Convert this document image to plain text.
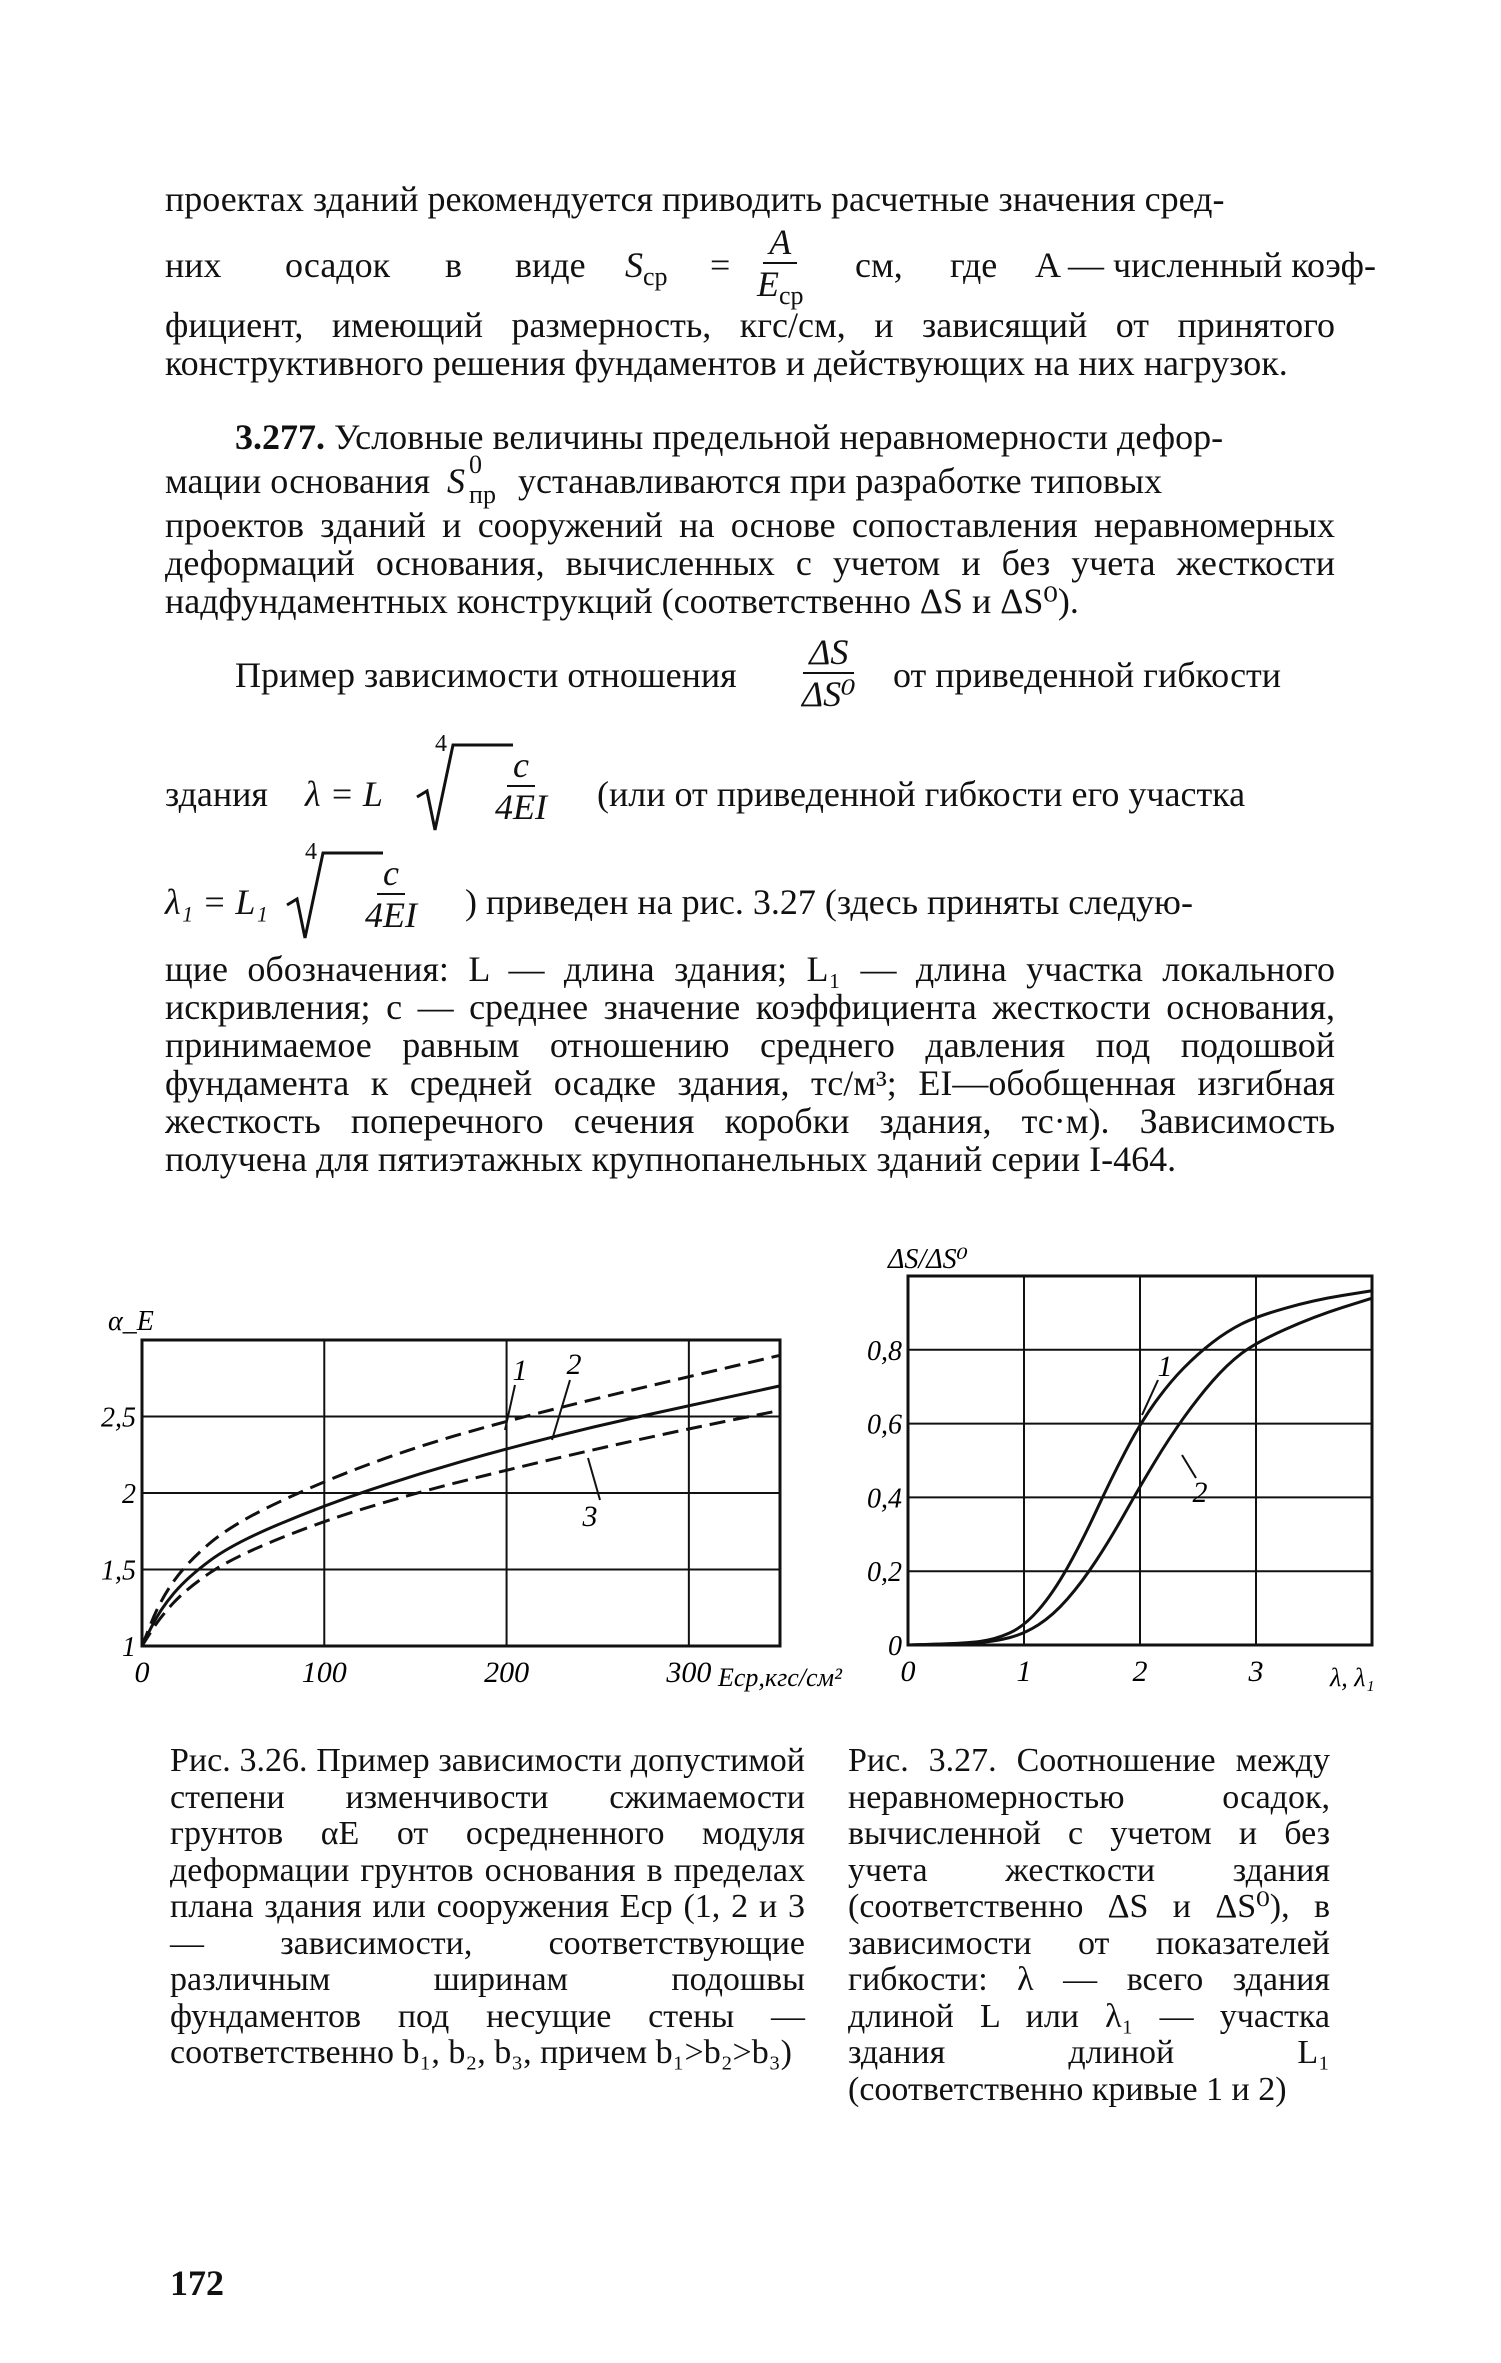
проектах зданий рекомендуется приводить расчетные значения сред-
них осадок в виде $S_{ср}$ =
A
$E_{ср}$
см, где A — численный коэф-
фициент, имеющий размерность, кгс/см, и зависящий от принятого конструктивного решения фундаментов и действующих на них нагрузок.
3.277. Условные величины предельной неравномерности дефор-
мации основания S 0
пр устанавливаются при разработке типовых
проектов зданий и сооружений на основе сопоставления неравномерных деформаций основания, вычисленных с учетом и без учета жесткости надфундаментных конструкций (соответственно ΔS и ΔS⁰).
Пример зависимости отношения $\frac{\Delta S}{\text{ΔS⁰}}$ от приведенной гибкости
здания λ = L
4
$\frac{c}{4EI} (или$ от приведенной гибкости его участка
λ₁ = L₁
4
$\frac{c}{4EI}$ ) приведен на рис. 3.27 (здесь приняты следую-
щие обозначения: L — длина здания; L₁ — длина участка локального искривления; c — среднее значение коэффициента жесткости основания, принимаемое равным отношению среднего давления под подошвой фундамента к средней осадке здания, тс/м³; EI—обобщенная изгибная жесткость поперечного сечения коробки здания, тс·м). Зависимость получена для пятиэтажных крупнопанельных зданий серии I-464.
0	100	200	300
1
1,5
2
2,5
α_E
Eср,кгс/см²
1 2
3
0	1	2	3
0
0,2
0,4
0,6
0,8
ΔS/ΔS⁰
λ, λ₁
1
2
Рис. 3.26. Пример зависимости допустимой степени изменчивости сжимаемости грунтов αE от осредненного модуля деформации грунтов основания в пределах плана здания или сооружения Eср (1, 2 и 3 — зависимости, соответствующие различным ширинам подошвы фундаментов под несущие стены — соответственно b₁, b₂, b₃, причем b₁>b₂>b₃)
Рис. 3.27. Соотношение между неравномерностью осадок, вычисленной с учетом и без учета жесткости здания (соответственно ΔS и ΔS⁰), в зависимости от показателей гибкости: λ — всего здания длиной L или λ₁ — участка здания длиной L₁ (соответственно кривые 1 и 2)
172
